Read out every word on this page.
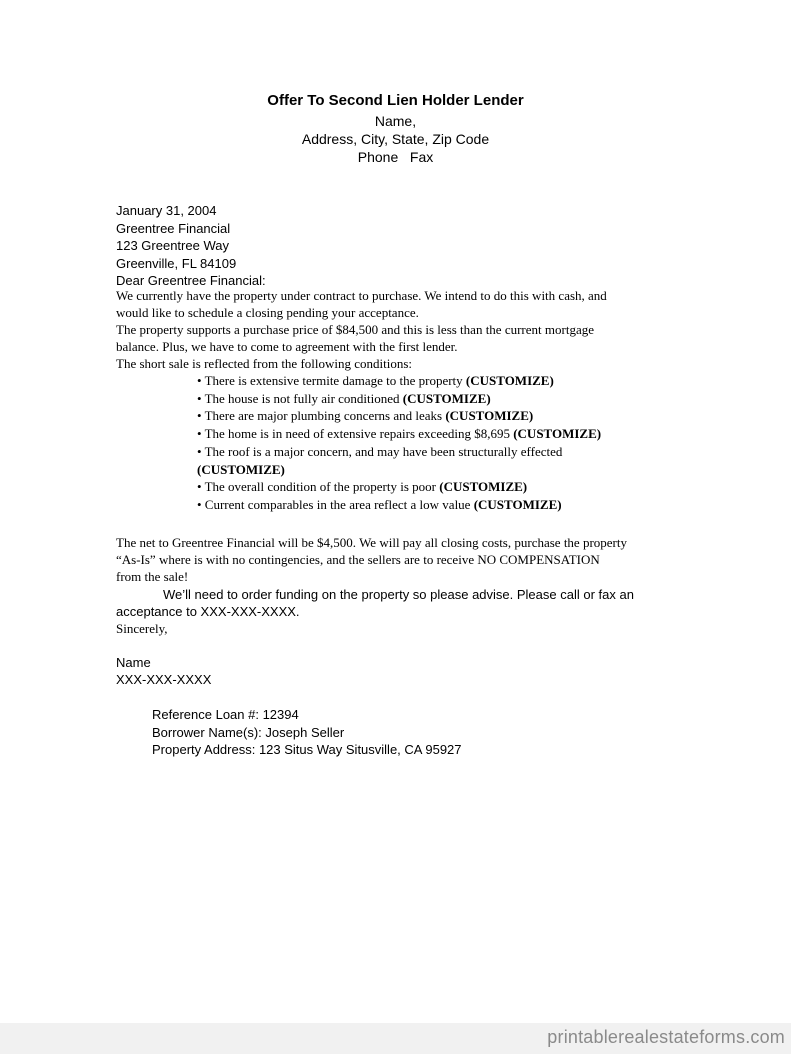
Offer To Second Lien Holder Lender
Name,
Address, City, State, Zip Code
Phone   Fax
January 31, 2004
Greentree Financial
123 Greentree Way
Greenville, FL 84109
Dear Greentree Financial:
We currently have the property under contract to purchase. We intend to do this with cash, and
would like to schedule a closing pending your acceptance.
The property supports a purchase price of $84,500 and this is less than the current mortgage
balance. Plus, we have to come to agreement with the first lender.
The short sale is reflected from the following conditions:
• There is extensive termite damage to the property (CUSTOMIZE)
• The house is not fully air conditioned (CUSTOMIZE)
• There are major plumbing concerns and leaks (CUSTOMIZE)
• The home is in need of extensive repairs exceeding $8,695 (CUSTOMIZE)
• The roof is a major concern, and may have been structurally effected
(CUSTOMIZE)
• The overall condition of the property is poor (CUSTOMIZE)
• Current comparables in the area reflect a low value (CUSTOMIZE)
The net to Greentree Financial will be $4,500. We will pay all closing costs, purchase the property
“As-Is” where is with no contingencies, and the sellers are to receive NO COMPENSATION
from the sale!
We’ll need to order funding on the property so please advise. Please call or fax an
acceptance to XXX-XXX-XXXX.
Sincerely,
Name
XXX-XXX-XXXX
Reference Loan #: 12394
Borrower Name(s): Joseph Seller
Property Address: 123 Situs Way Situsville, CA 95927
printablerealestateforms.com
